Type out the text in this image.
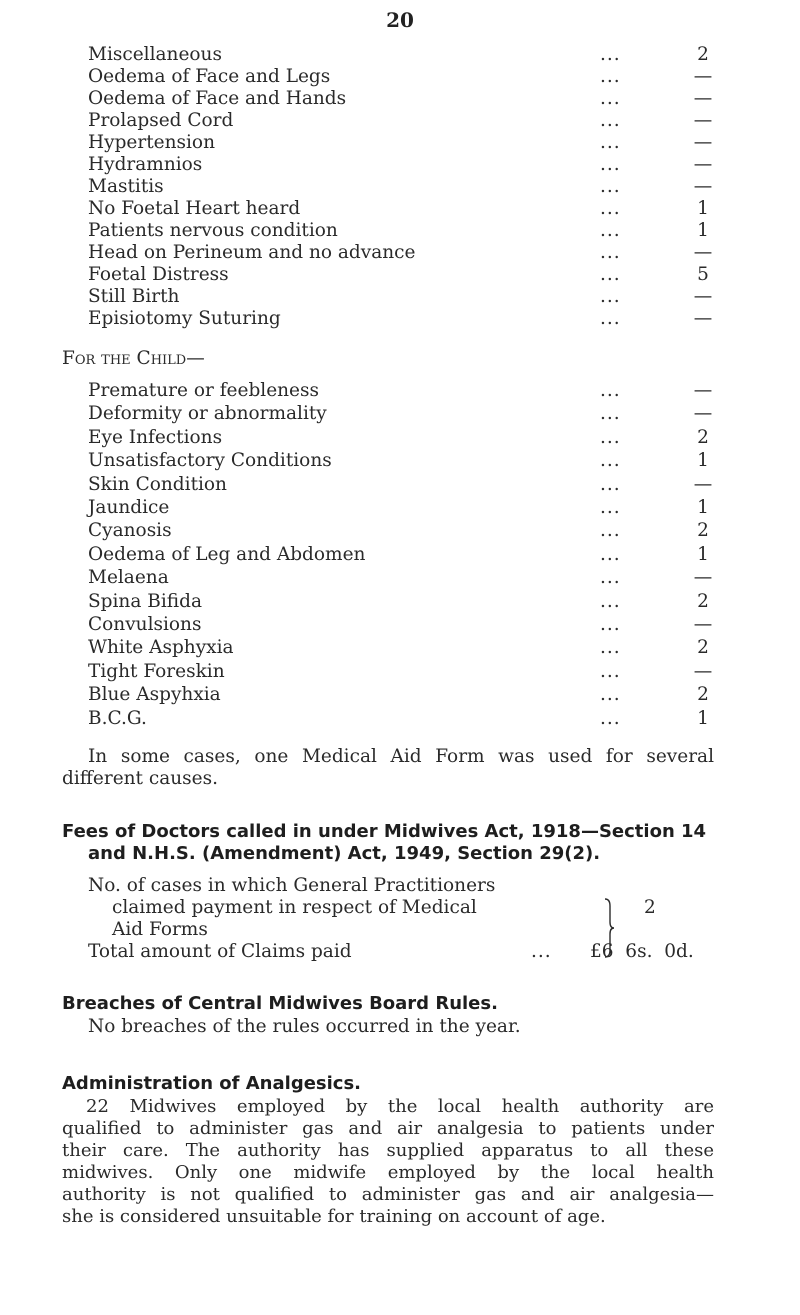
20
Miscellaneous	...	2
Oedema of Face and Legs	...	—
Oedema of Face and Hands	...	—
Prolapsed Cord	...	—
Hypertension	...	—
Hydramnios	...	—
Mastitis	...	—
No Foetal Heart heard	...	1
Patients nervous condition	...	1
Head on Perineum and no advance	...	—
Foetal Distress	...	5
Still Birth	...	—
Episiotomy Suturing	...	—
For the Child—
Premature or feebleness	...	—
Deformity or abnormality	...	—
Eye Infections	...	2
Unsatisfactory Conditions	...	1
Skin Condition	...	—
Jaundice	...	1
Cyanosis	...	2
Oedema of Leg and Abdomen	...	1
Melaena	...	—
Spina Bifida	...	2
Convulsions	...	—
White Asphyxia	...	2
Tight Foreskin	...	—
Blue Aspyhxia	...	2
B.C.G.	...	1
In some cases, one Medical Aid Form was used for several
different causes.
Fees of Doctors called in under Midwives Act, 1918—Section 14
and N.H.S. (Amendment) Act, 1949, Section 29(2).
No. of cases in which General Practitioners
claimed payment in respect of Medical
Aid Forms
2
Total amount of Claims paid	... £6  6s.  0d.
Breaches of Central Midwives Board Rules.
No breaches of the rules occurred in the year.
Administration of Analgesics.
22 Midwives employed by the local health authority are
qualified to administer gas and air analgesia to patients under
their care. The authority has supplied apparatus to all these
midwives. Only one midwife employed by the local health
authority is not qualified to administer gas and air analgesia—
she is considered unsuitable for training on account of age.
